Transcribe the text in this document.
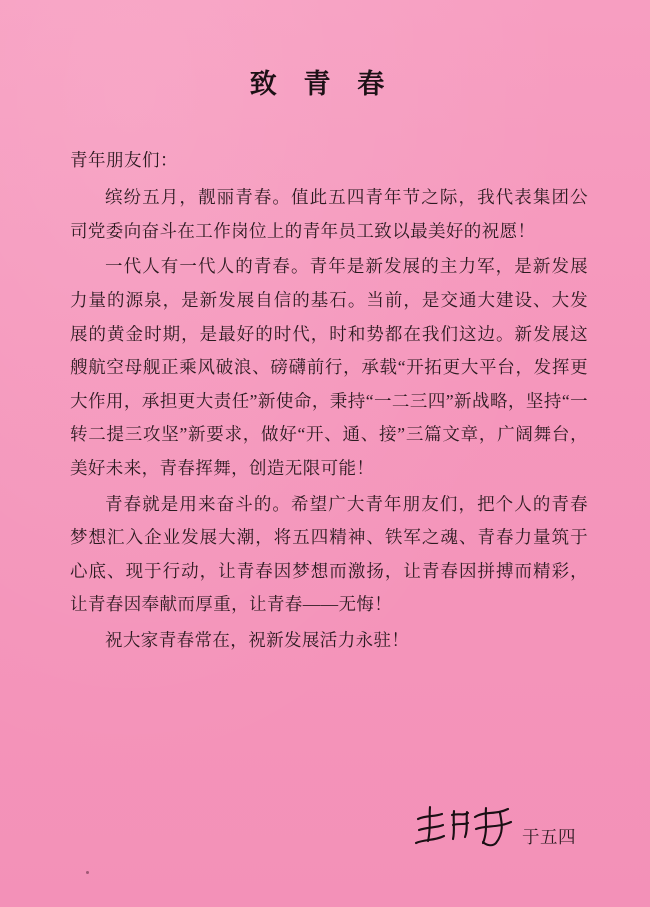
致 青 春

青年朋友们：

缤纷五月，靓丽青春。值此五四青年节之际，我代表集团公司党委向奋斗在工作岗位上的青年员工致以最美好的祝愿！

一代人有一代人的青春。青年是新发展的主力军，是新发展力量的源泉，是新发展自信的基石。当前，是交通大建设、大发展的黄金时期，是最好的时代，时和势都在我们这边。新发展这艘航空母舰正乘风破浪、磅礴前行，承载“开拓更大平台，发挥更大作用，承担更大责任”新使命，秉持“一二三四”新战略，坚持“一转二提三攻坚”新要求，做好“开、通、接”三篇文章，广阔舞台，美好未来，青春挥舞，创造无限可能！

青春就是用来奋斗的。希望广大青年朋友们，把个人的青春梦想汇入企业发展大潮，将五四精神、铁军之魂、青春力量筑于心底、现于行动，让青春因梦想而激扬，让青春因拼搏而精彩，让青春因奉献而厚重，让青春——无悔！

祝大家青春常在，祝新发展活力永驻！

于五四
